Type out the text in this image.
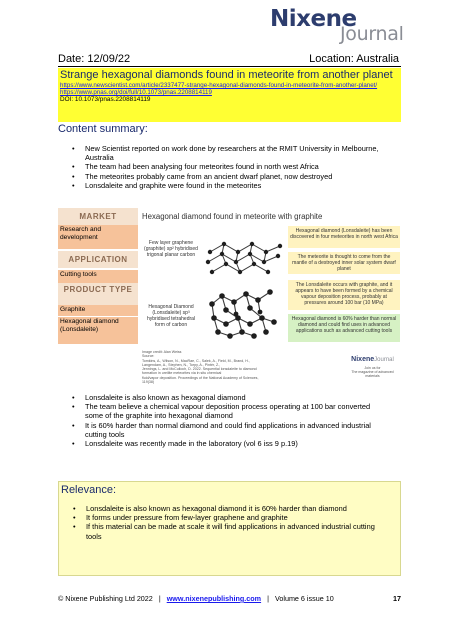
Nixene
Journal
Date: 12/09/22	Location: Australia
Strange hexagonal diamonds found in meteorite from another planet
https://www.newscientist.com/article/2337477-strange-hexagonal-diamonds-found-in-meteorite-from-another-planet/
https://www.pnas.org/doi/full/10.1073/pnas.2208814119
DOI: 10.1073/pnas.2208814119
Content summary:
• New Scientist reported on work done by researchers at the RMIT University in Melbourne, Australia
• The team had been analysing four meteorites found in north west Africa
• The meteorites probably came from an ancient dwarf planet, now destroyed
• Lonsdaleite and graphite were found in the meteorites
MARKET
Research and development
APPLICATION
Cutting tools
PRODUCT TYPE
Graphite
Hexagonal diamond (Lonsdaleite)
Hexagonal diamond found in meteorite with graphite
Few layer graphene (graphite) sp² hybridised trigonal planar carbon
Hexagonal Diamond (Lonsdaleite) sp³ hybridised tetrahedral form of carbon
Hexagonal diamond (Lonsdaleite) has been discovered in four meteorites in north west Africa
The meteorite is thought to come from the mantle of a destroyed inner solar system dwarf planet
The Lonsdaleite occurs with graphite, and it appears to have been formed by a chemical vapour deposition process, probably at pressures around 100 bar (10 MPa)
Hexagonal diamond is 60% harder than normal diamond and could find uses in advanced applications such as advanced cutting tools
Image credit: Alan Weiss
Source:
Tomkins, A., Wilson, N., MacRae, C., Salek, A., Field, M., Brand, H., Langendam, A., Stephen, N., Torpy, A., Pintér, Z.,
Jennings, L. and McCulloch, D. 2022. Sequential lonsdaleite to diamond formation in ureilite meteorites via in situ chemical
fluid/vapor deposition. Proceedings of the National Academy of Sciences, 119(38)
NixeneJournal
Join us for
The magazine of advanced materials
• Lonsdaleite is also known as hexagonal diamond
• The team believe a chemical vapour deposition process operating at 100 bar converted some of the graphite into hexagonal diamond
• It is 60% harder than normal diamond and could find applications in advanced industrial cutting tools
• Lonsdaleite was recently made in the laboratory (vol 6 iss 9 p.19)
Relevance:
• Lonsdaleite is also known as hexagonal diamond it is 60% harder than diamond
• It forms under pressure from few-layer graphene and graphite
• If this material can be made at scale it will find applications in advanced industrial cutting tools
© Nixene Publishing Ltd 2022 | www.nixenepublishing.com | Volume 6 issue 10	17
